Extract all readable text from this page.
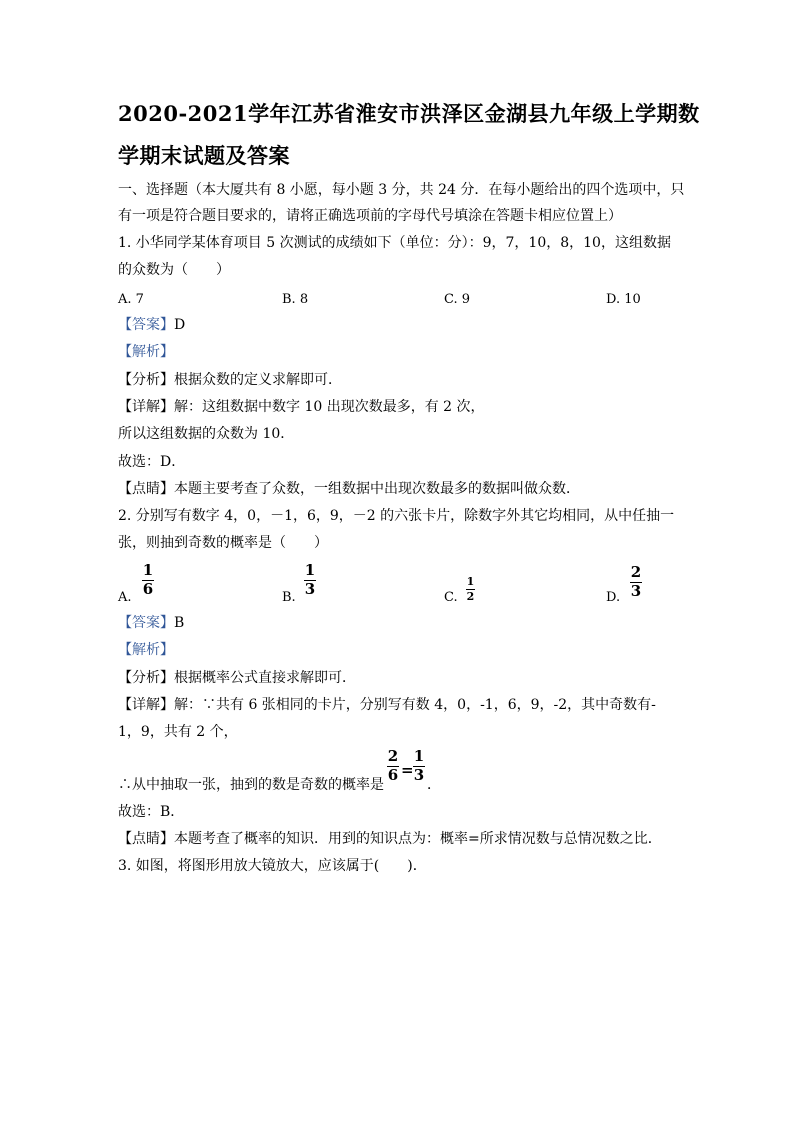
2020-2021学年江苏省淮安市洪泽区金湖县九年级上学期数
学期末试题及答案
一、选择题（本大厦共有 8 小愿，每小题 3 分，共 24 分．在每小题给出的四个选项中，只
有一项是符合题目要求的，请将正确选项前的字母代号填涂在答题卡相应位置上）
1. 小华同学某体育项目 5 次测试的成绩如下（单位：分）：9，7，10，8，10，这组数据
的众数为（　　）
A. 7	B. 8	C. 9	D. 10
【答案】D
【解析】
【分析】根据众数的定义求解即可．
【详解】解：这组数据中数字 10 出现次数最多，有 2 次，
所以这组数据的众数为 10．
故选：D．
【点睛】本题主要考查了众数，一组数据中出现次数最多的数据叫做众数．
2. 分别写有数字 4，0，－1，6，9，－2 的六张卡片，除数字外其它均相同，从中任抽一
张，则抽到奇数的概率是（　　）
A.
1
6	B.
1
3	C.
1
2	D.
2
3
【答案】B
【解析】
【分析】根据概率公式直接求解即可．
【详解】解：∵共有 6 张相同的卡片，分别写有数 4，0，-1，6，9，-2，其中奇数有-
1，9，共有 2 个，
∴从中抽取一张，抽到的数是奇数的概率是
2
6 =
1
3
．
故选：B．
【点睛】本题考查了概率的知识．用到的知识点为：概率=所求情况数与总情况数之比．
3. 如图，将图形用放大镜放大，应该属于(　　)．
